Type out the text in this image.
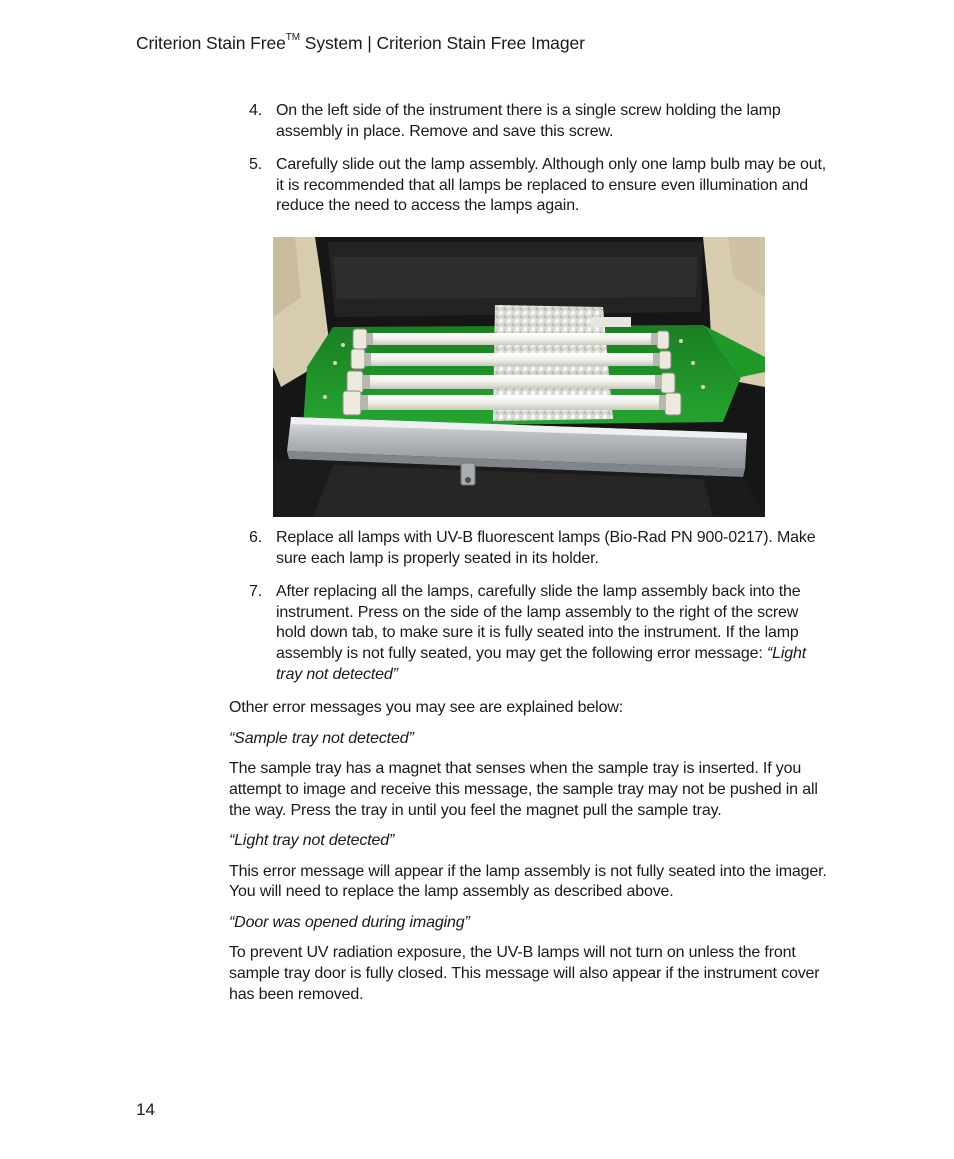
Criterion Stain Free™ System | Criterion Stain Free Imager
4. On the left side of the instrument there is a single screw holding the lamp assembly in place. Remove and save this screw.
5. Carefully slide out the lamp assembly. Although only one lamp bulb may be out, it is recommended that all lamps be replaced to ensure even illumination and reduce the need to access the lamps again.
6. Replace all lamps with UV-B fluorescent lamps (Bio-Rad PN 900-0217). Make sure each lamp is properly seated in its holder.
7. After replacing all the lamps, carefully slide the lamp assembly back into the instrument. Press on the side of the lamp assembly to the right of the screw hold down tab, to make sure it is fully seated into the instrument. If the lamp assembly is not fully seated, you may get the following error message: “Light tray not detected”

Other error messages you may see are explained below:

“Sample tray not detected”

The sample tray has a magnet that senses when the sample tray is inserted. If you attempt to image and receive this message, the sample tray may not be pushed in all the way. Press the tray in until you feel the magnet pull the sample tray.

“Light tray not detected”

This error message will appear if the lamp assembly is not fully seated into the imager. You will need to replace the lamp assembly as described above.

“Door was opened during imaging”

To prevent UV radiation exposure, the UV-B lamps will not turn on unless the front sample tray door is fully closed. This message will also appear if the instrument cover has been removed.

14
